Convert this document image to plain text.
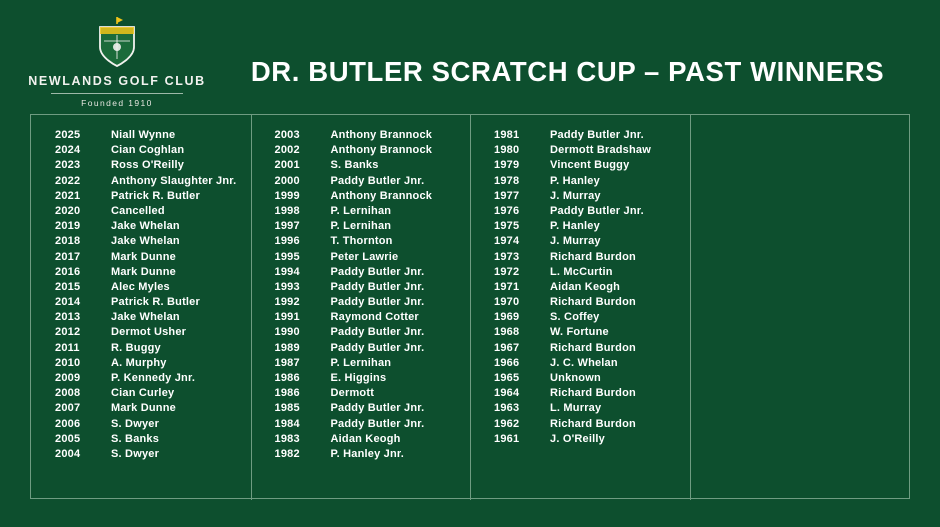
NEWLANDS GOLF CLUB
Founded 1910
DR. BUTLER SCRATCH CUP – PAST WINNERS
2025	Niall Wynne
2024	Cian Coghlan
2023	Ross O'Reilly
2022	Anthony Slaughter Jnr.
2021	Patrick R. Butler
2020	Cancelled
2019	Jake Whelan
2018	Jake Whelan
2017	Mark Dunne
2016	Mark Dunne
2015	Alec Myles
2014	Patrick R. Butler
2013	Jake Whelan
2012	Dermot Usher
2011	R. Buggy
2010	A. Murphy
2009	P. Kennedy Jnr.
2008	Cian Curley
2007	Mark Dunne
2006	S. Dwyer
2005	S. Banks
2004	S. Dwyer
2003	Anthony Brannock
2002	Anthony Brannock
2001	S. Banks
2000	Paddy Butler Jnr.
1999	Anthony Brannock
1998	P. Lernihan
1997	P. Lernihan
1996	T. Thornton
1995	Peter Lawrie
1994	Paddy Butler Jnr.
1993	Paddy Butler Jnr.
1992	Paddy Butler Jnr.
1991	Raymond Cotter
1990	Paddy Butler Jnr.
1989	Paddy Butler Jnr.
1987	P. Lernihan
1986	E. Higgins
1986	Dermott
1985	Paddy Butler Jnr.
1984	Paddy Butler Jnr.
1983	Aidan Keogh
1982	P. Hanley Jnr.
1981	Paddy Butler Jnr.
1980	Dermott Bradshaw
1979	Vincent Buggy
1978	P. Hanley
1977	J. Murray
1976	Paddy Butler Jnr.
1975	P. Hanley
1974	J. Murray
1973	Richard Burdon
1972	L. McCurtin
1971	Aidan Keogh
1970	Richard Burdon
1969	S. Coffey
1968	W. Fortune
1967	Richard Burdon
1966	J. C. Whelan
1965	Unknown
1964	Richard Burdon
1963	L. Murray
1962	Richard Burdon
1961	J. O'Reilly
